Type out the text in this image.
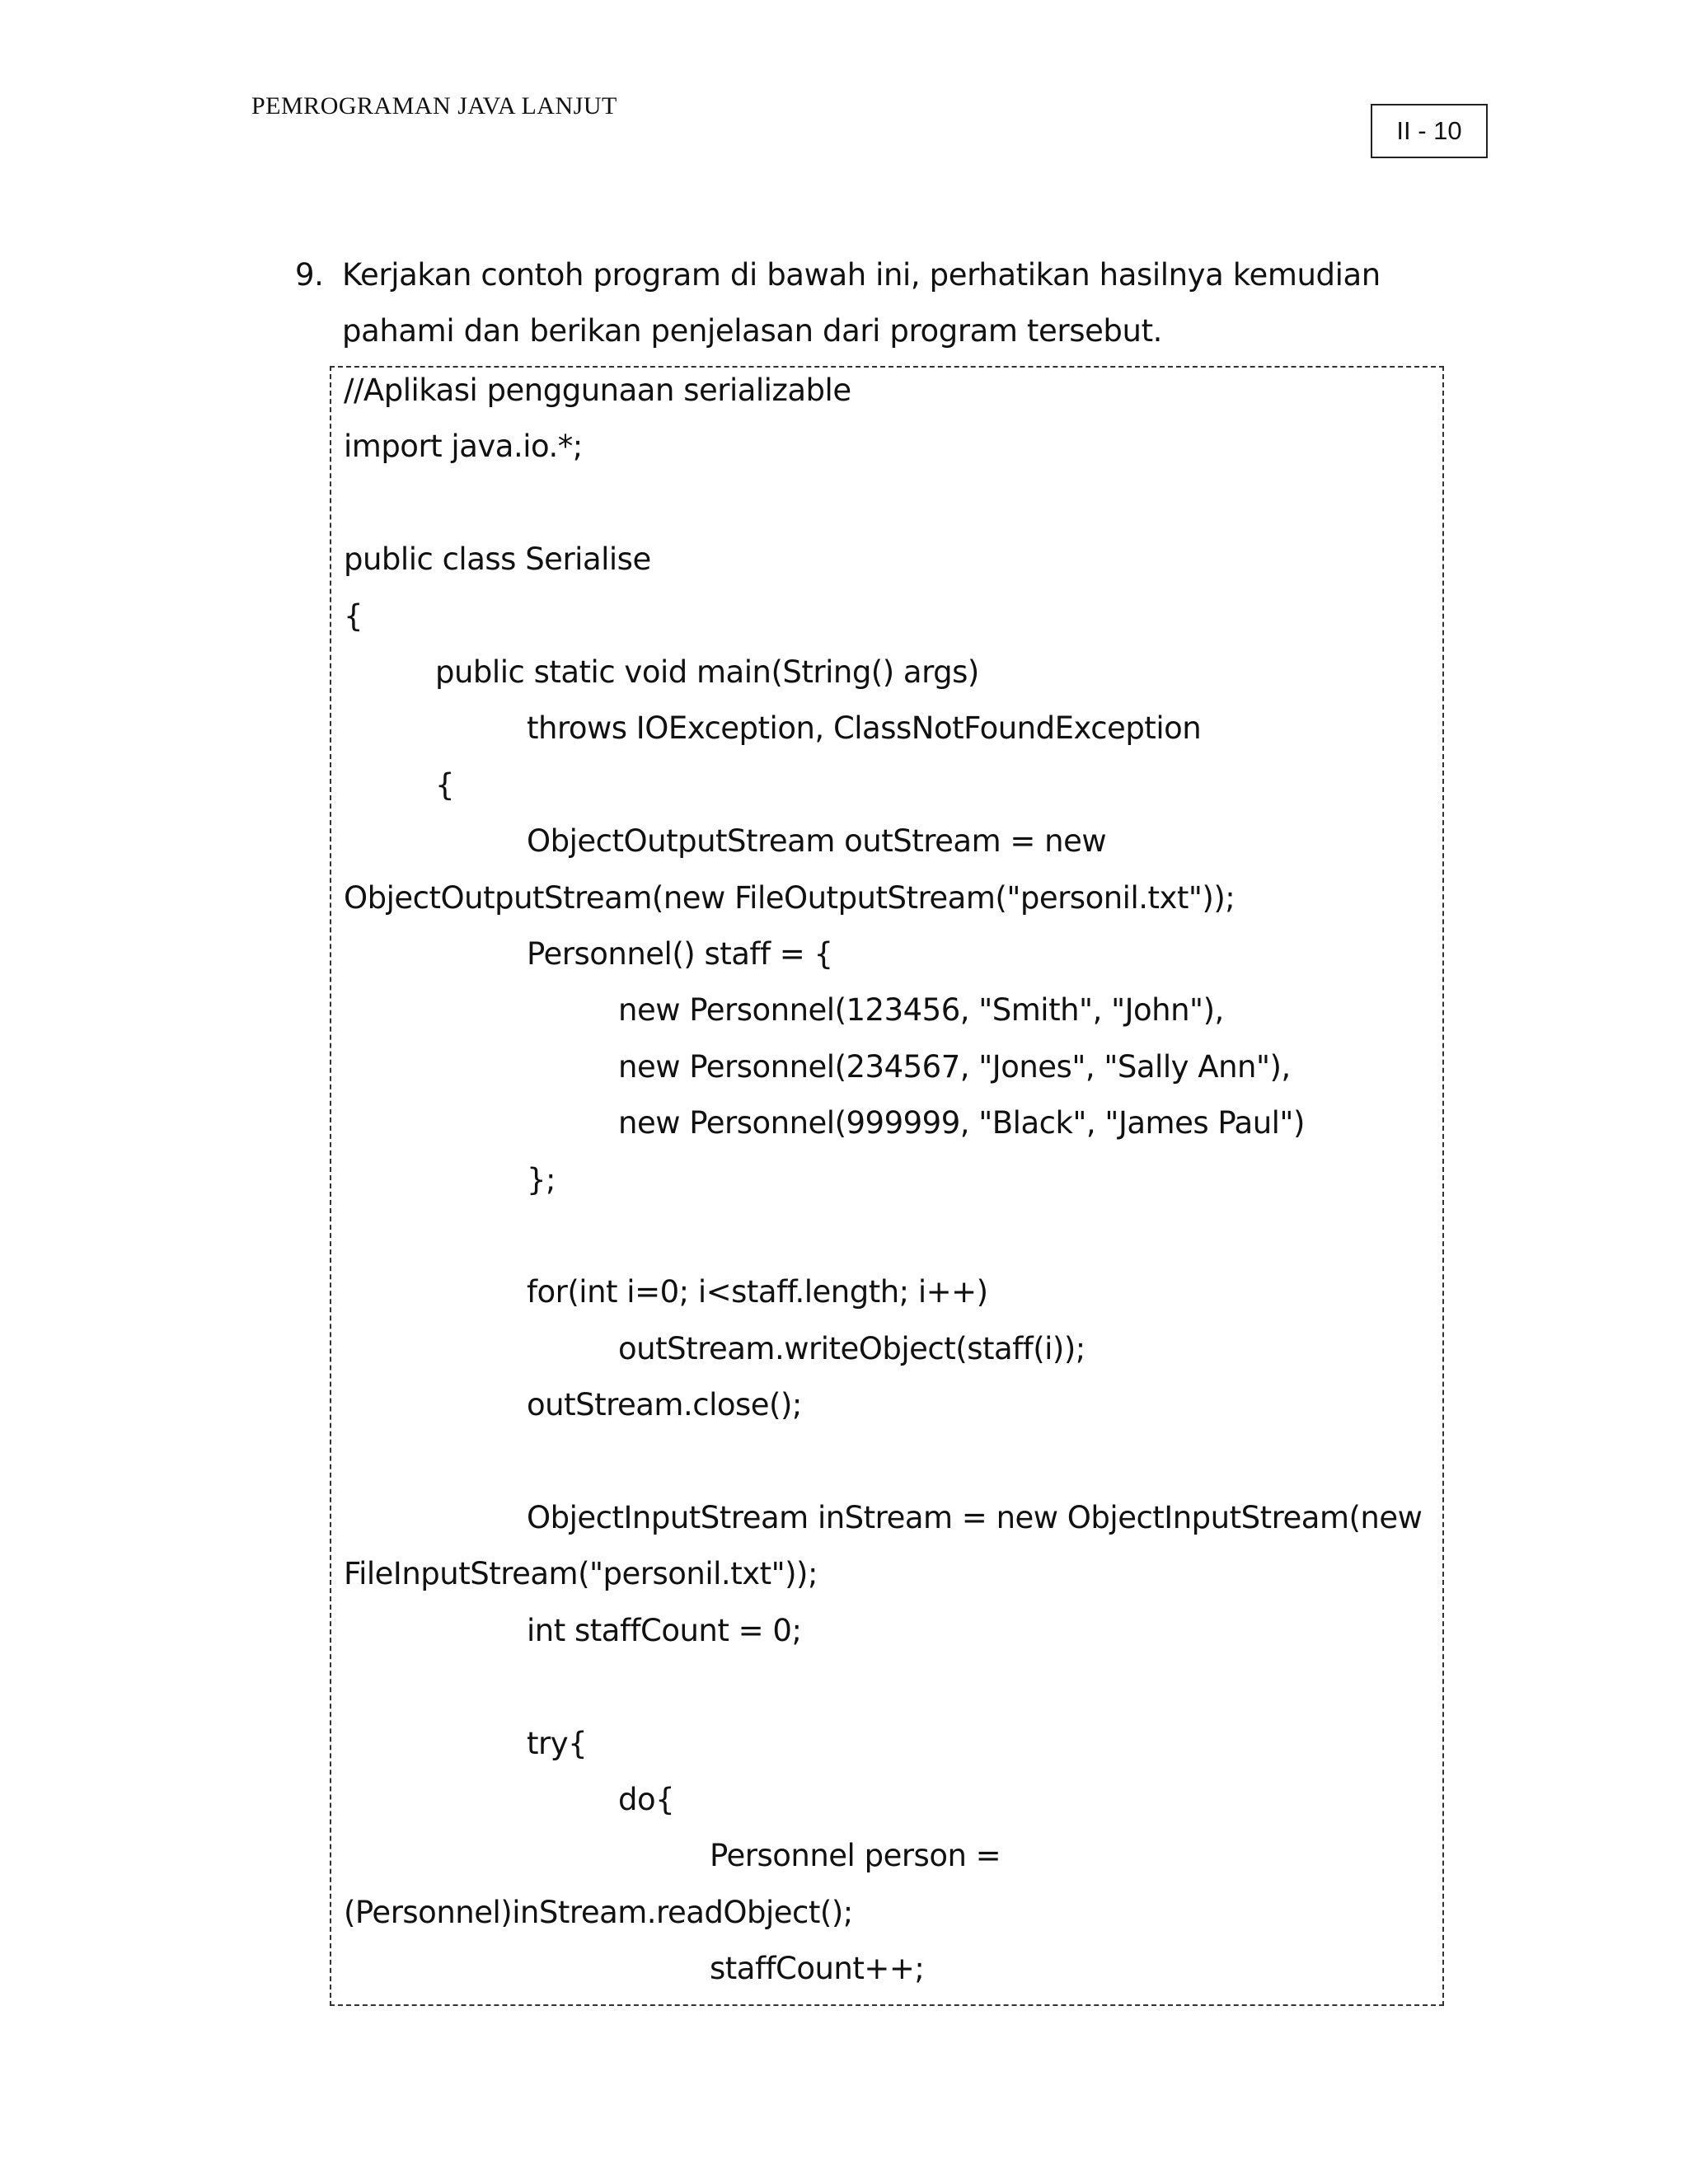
PEMROGRAMAN JAVA LANJUT
II - 10
9. Kerjakan contoh program di bawah ini, perhatikan hasilnya kemudian
pahami dan berikan penjelasan dari program tersebut.
//Aplikasi penggunaan serializable
import java.io.*;
public class Serialise
{
public static void main(String() args)
throws IOException, ClassNotFoundException
{
ObjectOutputStream outStream = new
ObjectOutputStream(new FileOutputStream("personil.txt"));
Personnel() staff = {
new Personnel(123456, "Smith", "John"),
new Personnel(234567, "Jones", "Sally Ann"),
new Personnel(999999, "Black", "James Paul")
};
for(int i=0; i<staff.length; i++)
outStream.writeObject(staff(i));
outStream.close();
ObjectInputStream inStream = new ObjectInputStream(new
FileInputStream("personil.txt"));
int staffCount = 0;
try{
do{
Personnel person =
(Personnel)inStream.readObject();
staffCount++;
